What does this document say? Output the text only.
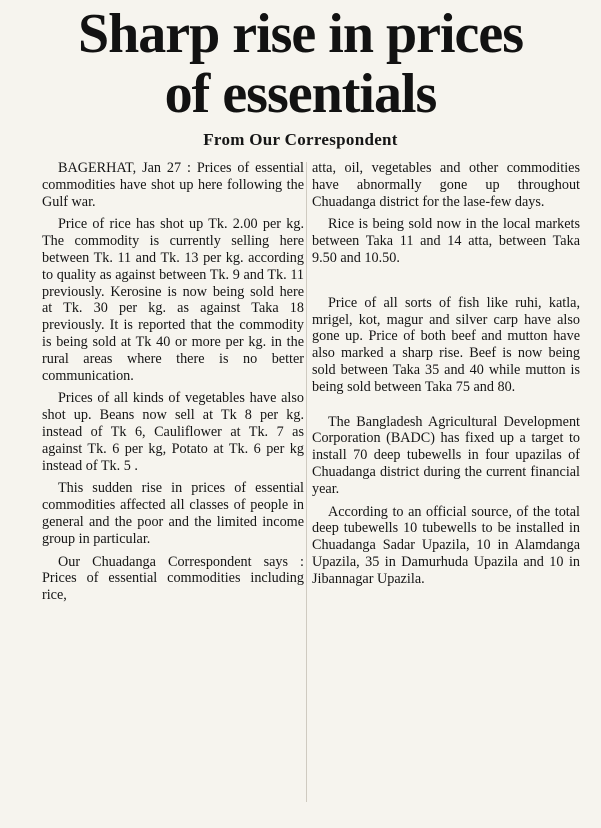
Sharp rise in prices
of essentials
From Our Correspondent

BAGERHAT, Jan 27 : Prices of essential commodities have shot up here following the Gulf war.

Price of rice has shot up Tk. 2.00 per kg. The commodity is currently selling here between Tk. 11 and Tk. 13 per kg. according to quality as against between Tk. 9 and Tk. 11 previously. Kerosine is now being sold here at Tk. 30 per kg. as against Taka 18 previously. It is reported that the commodity is being sold at Tk 40 or more per kg. in the rural areas where there is no better communication.

Prices of all kinds of vegetables have also shot up. Beans now sell at Tk 8 per kg. instead of Tk 6, Cauliflower at Tk. 7 as against Tk. 6 per kg, Potato at Tk. 6 per kg instead of Tk. 5 .

This sudden rise in prices of essential commodities affected all classes of people in general and the poor and the limited income group in particular.

Our Chuadanga Correspondent says : Prices of essential commodities including rice,

atta, oil, vegetables and other commodities have abnormally gone up throughout Chuadanga district for the lase-few days.

Rice is being sold now in the local markets between Taka 11 and 14 atta, between Taka 9.50 and 10.50.

Price of all sorts of fish like ruhi, katla, mrigel, kot, magur and silver carp have also gone up. Price of both beef and mutton have also marked a sharp rise. Beef is now being sold between Taka 35 and 40 while mutton is being sold between Taka 75 and 80.

The Bangladesh Agricultural Development Corporation (BADC) has fixed up a target to install 70 deep tubewells in four upazilas of Chuadanga district during the current financial year.

According to an official source, of the total deep tubewells 10 tubewells to be installed in Chuadanga Sadar Upazila, 10 in Alamdanga Upazila, 35 in Damurhuda Upazila and 10 in Jibannagar Upazila.
